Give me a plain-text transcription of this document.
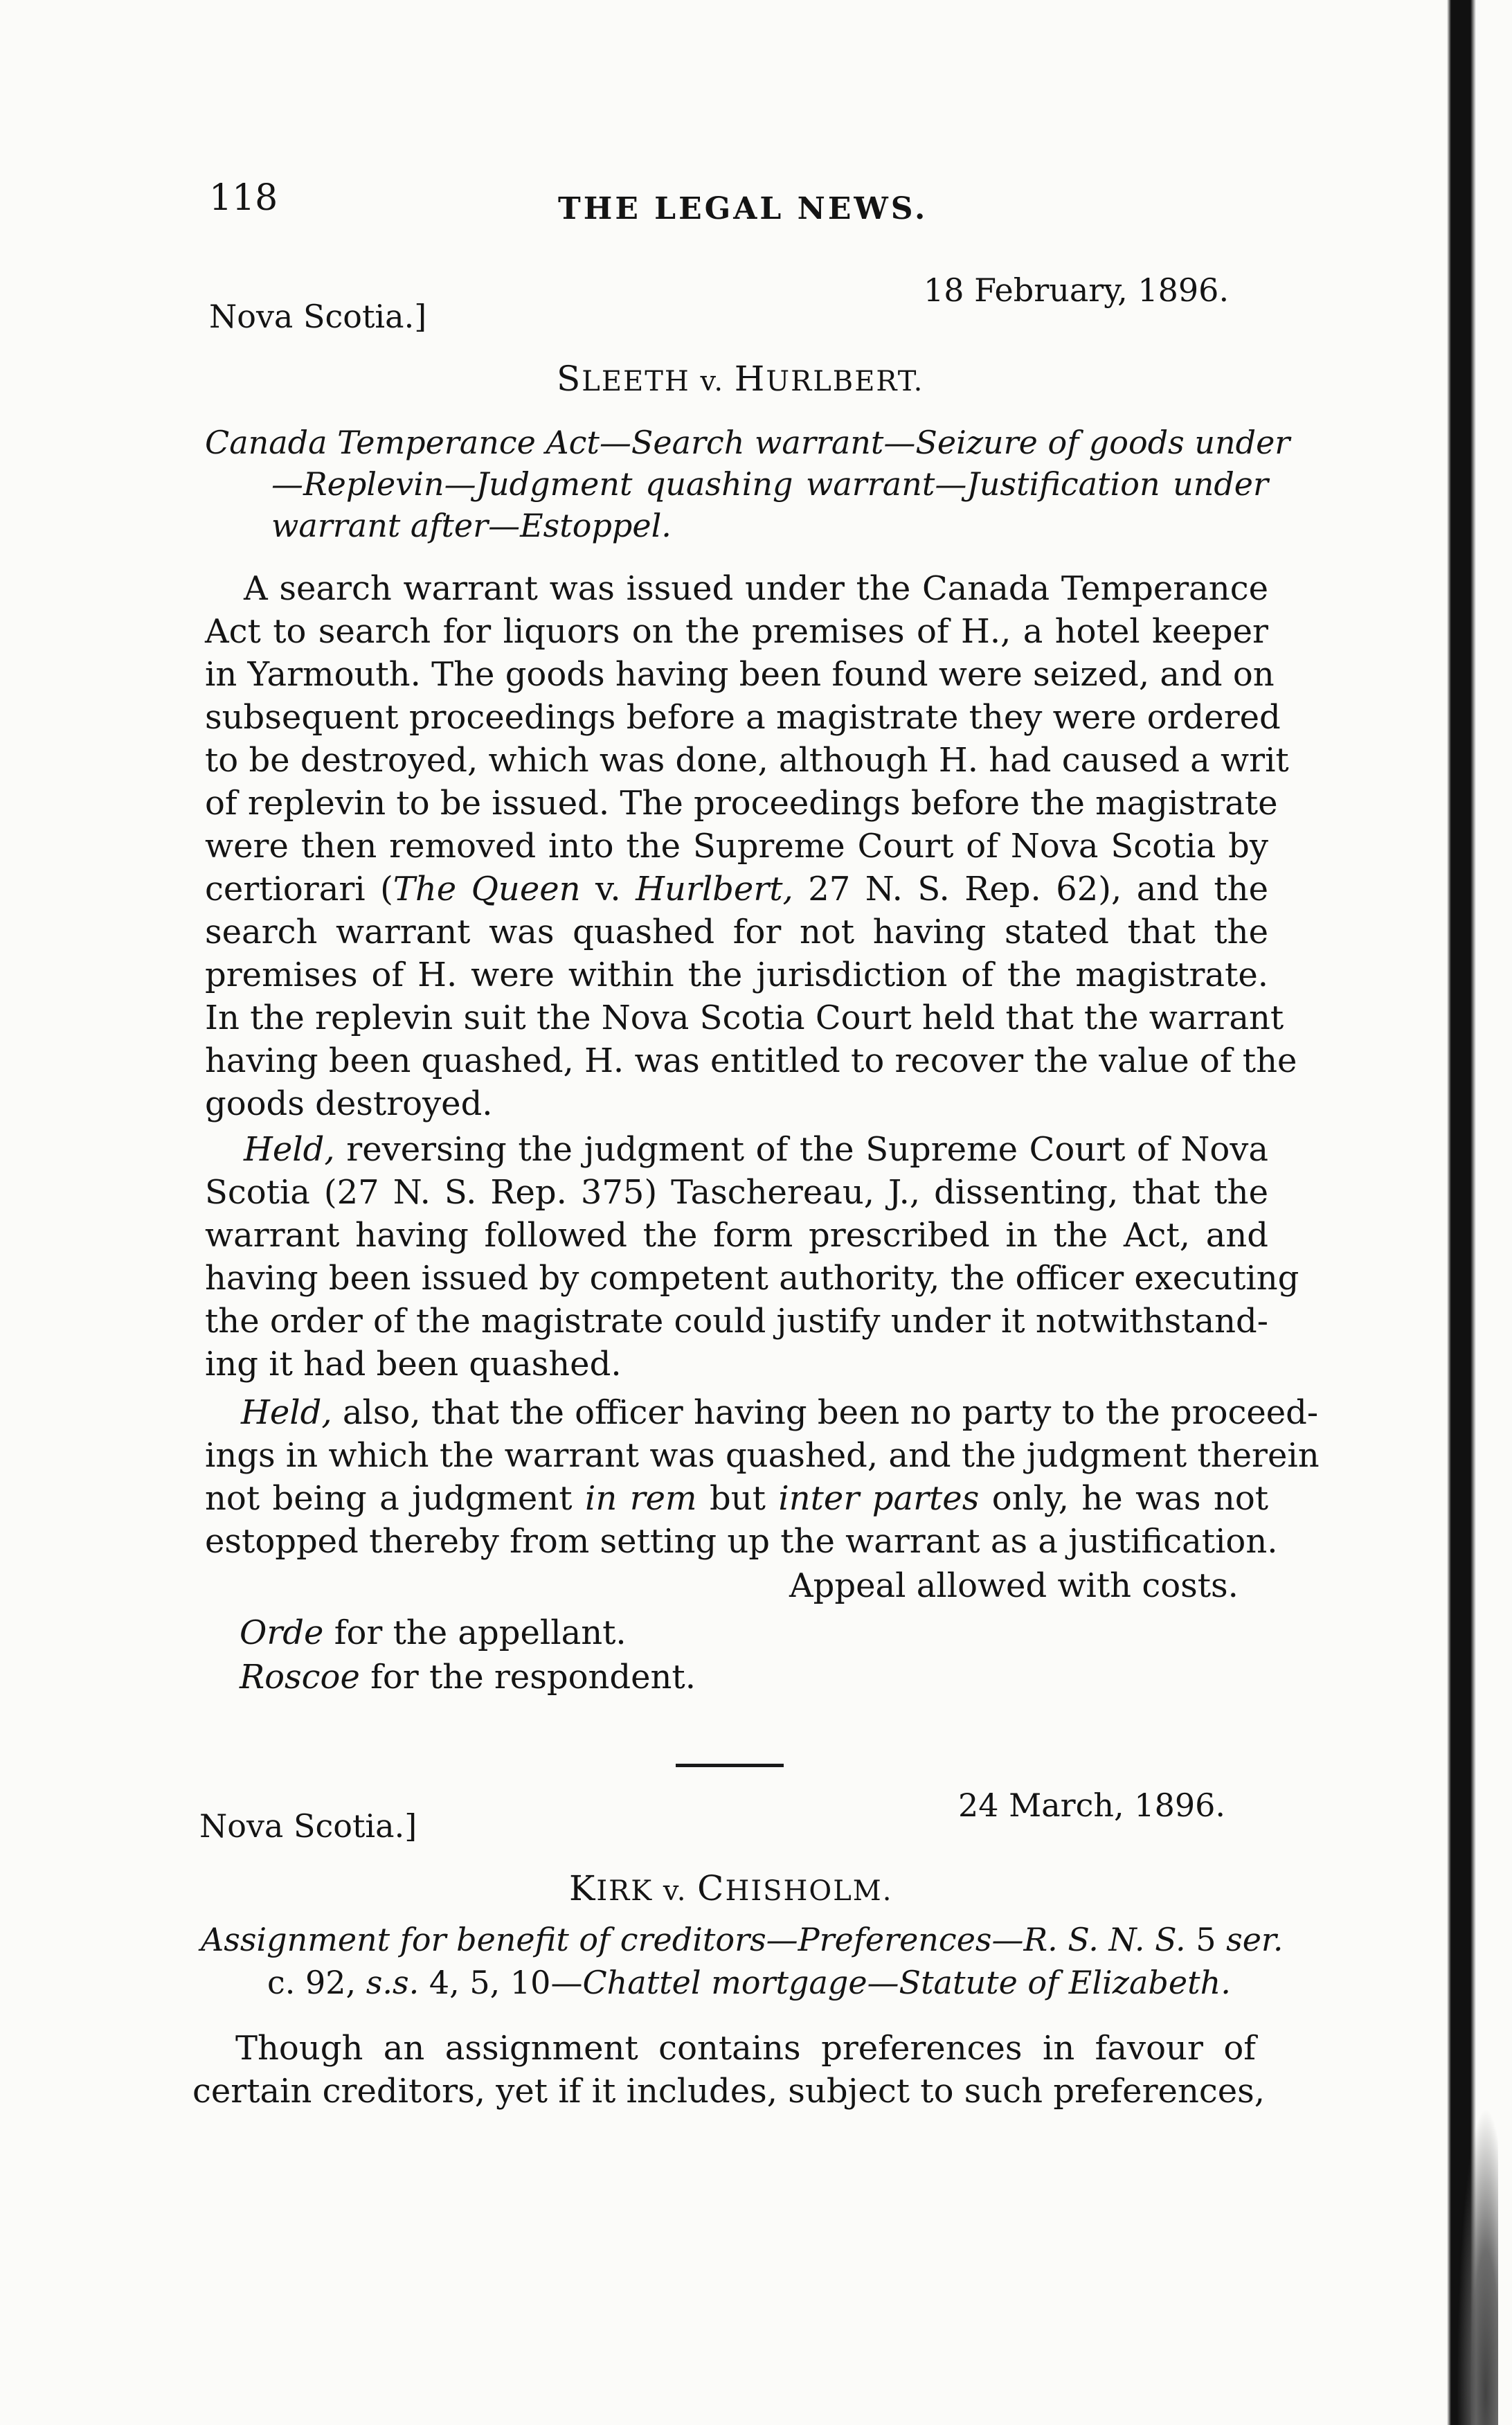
118	THE LEGAL NEWS.
Nova Scotia.]
18 February, 1896.
SLEETH v. HURLBERT.
Canada Temperance Act—Search warrant—Seizure of goods under
—Replevin—Judgment quashing warrant—Justification under
warrant after—Estoppel.
A search warrant was issued under the Canada Temperance
Act to search for liquors on the premises of H., a hotel keeper
in Yarmouth. The goods having been found were seized, and on
subsequent proceedings before a magistrate they were ordered
to be destroyed, which was done, although H. had caused a writ
of replevin to be issued. The proceedings before the magistrate
were then removed into the Supreme Court of Nova Scotia by
certiorari (The Queen v. Hurlbert, 27 N. S. Rep. 62), and the
search warrant was quashed for not having stated that the
premises of H. were within the jurisdiction of the magistrate.
In the replevin suit the Nova Scotia Court held that the warrant
having been quashed, H. was entitled to recover the value of the
goods destroyed.
Held, reversing the judgment of the Supreme Court of Nova
Scotia (27 N. S. Rep. 375) Taschereau, J., dissenting, that the
warrant having followed the form prescribed in the Act, and
having been issued by competent authority, the officer executing
the order of the magistrate could justify under it notwithstand-
ing it had been quashed.
Held, also, that the officer having been no party to the proceed-
ings in which the warrant was quashed, and the judgment therein
not being a judgment in rem but inter partes only, he was not
estopped thereby from setting up the warrant as a justification.
Appeal allowed with costs.
Orde for the appellant.
Roscoe for the respondent.
Nova Scotia.]
24 March, 1896.
KIRK v. CHISHOLM.
Assignment for benefit of creditors—Preferences—R. S. N. S. 5 ser.
c. 92, s.s. 4, 5, 10—Chattel mortgage—Statute of Elizabeth.
Though an assignment contains preferences in favour of
certain creditors, yet if it includes, subject to such preferences,
